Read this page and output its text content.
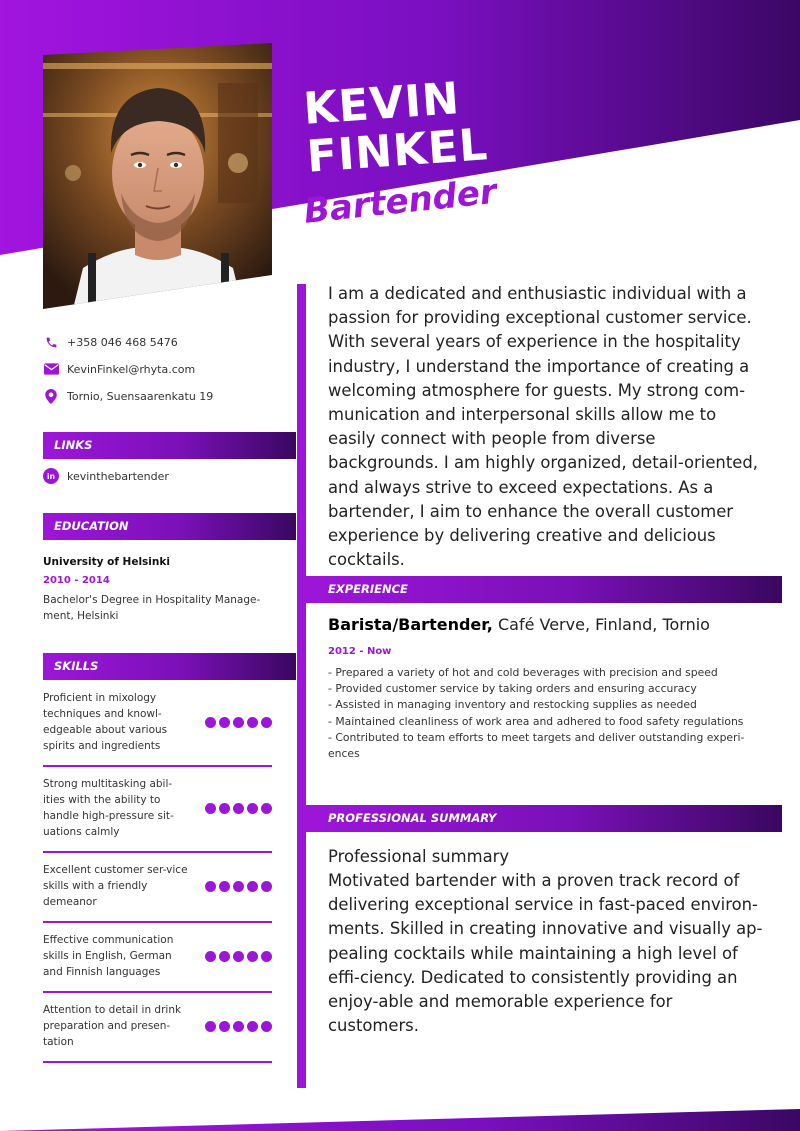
KEVIN
FINKEL
Bartender
+358 046 468 5476
KevinFinkel@rhyta.com
Tornio, Suensaarenkatu 19
LINKS
in	kevinthebartender
EDUCATION
University of Helsinki
2010 - 2014
Bachelor's Degree in Hospitality Manage-ment, Helsinki
SKILLS
Proficient in mixology techniques and knowl-edgeable about various spirits and ingredients
Strong multitasking abil-ities with the ability to handle high-pressure sit-uations calmly
Excellent customer ser-vice skills with a friendly demeanor
Effective communication skills in English, German and Finnish languages
Attention to detail in drink preparation and presen-tation
I am a dedicated and enthusiastic individual with a passion for providing exceptional customer service. With several years of experience in the hospitality industry, I understand the importance of creating a welcoming atmosphere for guests. My strong com-munication and interpersonal skills allow me to easily connect with people from diverse backgrounds. I am highly organized, detail-oriented, and always strive to exceed expectations. As a bartender, I aim to enhance the overall customer experience by delivering creative and delicious cocktails.
EXPERIENCE
Barista/Bartender, Café Verve, Finland, Tornio
2012 - Now
- Prepared a variety of hot and cold beverages with precision and speed
- Provided customer service by taking orders and ensuring accuracy
- Assisted in managing inventory and restocking supplies as needed
- Maintained cleanliness of work area and adhered to food safety regulations
- Contributed to team efforts to meet targets and deliver outstanding experi-ences
PROFESSIONAL SUMMARY
Professional summary
Motivated bartender with a proven track record of delivering exceptional service in fast-paced environ-ments. Skilled in creating innovative and visually ap-pealing cocktails while maintaining a high level of effi-ciency. Dedicated to consistently providing an enjoy-able and memorable experience for customers.
